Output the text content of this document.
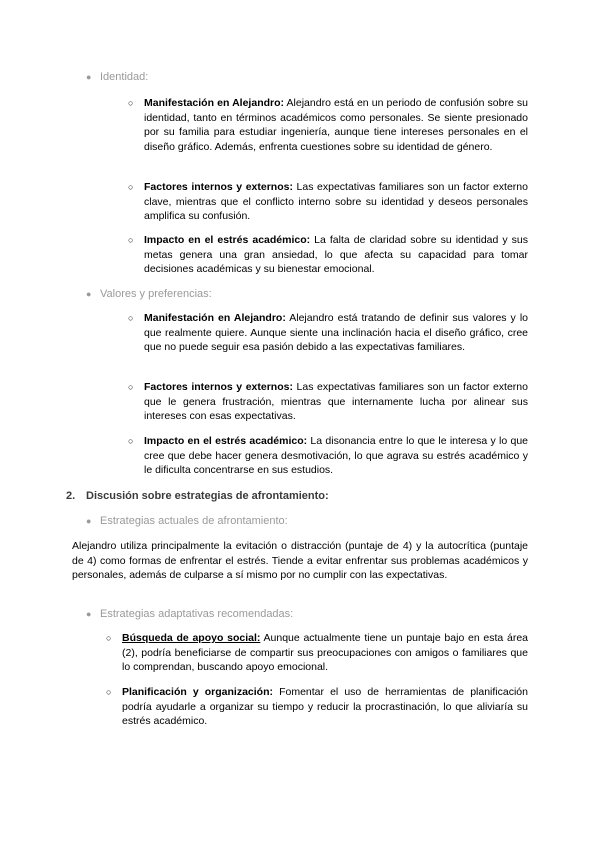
● Identidad:
○ Manifestación en Alejandro: Alejandro está en un periodo de confusión sobre su identidad, tanto en términos académicos como personales. Se siente presionado por su familia para estudiar ingeniería, aunque tiene intereses personales en el diseño gráfico. Además, enfrenta cuestiones sobre su identidad de género.
○ Factores internos y externos: Las expectativas familiares son un factor externo clave, mientras que el conflicto interno sobre su identidad y deseos personales amplifica su confusión.
○ Impacto en el estrés académico: La falta de claridad sobre su identidad y sus metas genera una gran ansiedad, lo que afecta su capacidad para tomar decisiones académicas y su bienestar emocional.
● Valores y preferencias:
○ Manifestación en Alejandro: Alejandro está tratando de definir sus valores y lo que realmente quiere. Aunque siente una inclinación hacia el diseño gráfico, cree que no puede seguir esa pasión debido a las expectativas familiares.
○ Factores internos y externos: Las expectativas familiares son un factor externo que le genera frustración, mientras que internamente lucha por alinear sus intereses con esas expectativas.
○ Impacto en el estrés académico: La disonancia entre lo que le interesa y lo que cree que debe hacer genera desmotivación, lo que agrava su estrés académico y le dificulta concentrarse en sus estudios.
2. Discusión sobre estrategias de afrontamiento:
● Estrategias actuales de afrontamiento:
Alejandro utiliza principalmente la evitación o distracción (puntaje de 4) y la autocrítica (puntaje de 4) como formas de enfrentar el estrés. Tiende a evitar enfrentar sus problemas académicos y personales, además de culparse a sí mismo por no cumplir con las expectativas.
● Estrategias adaptativas recomendadas:
○ Búsqueda de apoyo social: Aunque actualmente tiene un puntaje bajo en esta área (2), podría beneficiarse de compartir sus preocupaciones con amigos o familiares que lo comprendan, buscando apoyo emocional.
○ Planificación y organización: Fomentar el uso de herramientas de planificación podría ayudarle a organizar su tiempo y reducir la procrastinación, lo que aliviaría su estrés académico.
